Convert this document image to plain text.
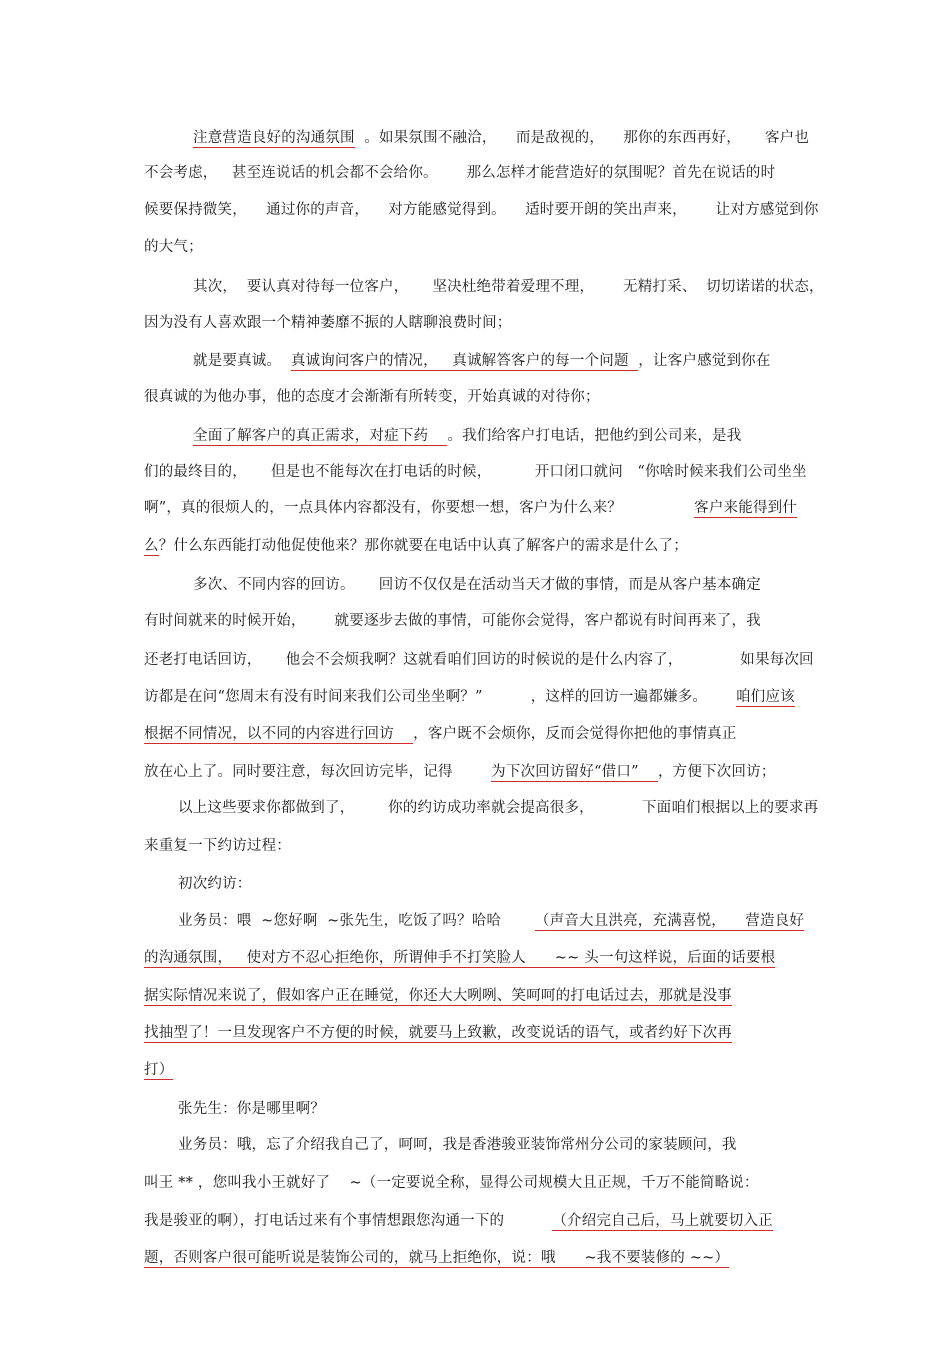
注意营造良好的沟通氛围  。如果氛围不融洽，    而是敌视的，    那你的东西再好，     客户也
不会考虑，   甚至连说话的机会都不会给你。      那么怎样才能营造好的氛围呢？首先在说话的时
候要保持微笑，    通过你的声音，    对方能感觉得到。    适时要开朗的笑出声来，      让对方感觉到你
的大气；
其次，  要认真对待每一位客户，     坚决杜绝带着爱理不理，      无精打采、  切切诺诺的状态，
因为没有人喜欢跟一个精神萎靡不振的人瞎聊浪费时间；
就是要真诚。  真诚询问客户的情况，   真诚解答客户的每一个问题  ，让客户感觉到你在
很真诚的为他办事，他的态度才会渐渐有所转变，开始真诚的对待你；
全面了解客户的真正需求，对症下药    。我们给客户打电话，把他约到公司来，是我
们的最终目的，     但是也不能每次在打电话的时候，         开口闭口就问   “你啥时候来我们公司坐坐
啊”，真的很烦人的，一点具体内容都没有，你要想一想，客户为什么来？               客户来能得到什
么？什么东西能打动他促使他来？那你就要在电话中认真了解客户的需求是什么了；
多次、不同内容的回访。     回访不仅仅是在活动当天才做的事情，而是从客户基本确定
有时间就来的时候开始，      就要逐步去做的事情，可能你会觉得，客户都说有时间再来了，我
还老打电话回访，     他会不会烦我啊？这就看咱们回访的时候说的是什么内容了，            如果每次回
访都是在问“您周末有没有时间来我们公司坐坐啊？”          ，这样的回访一遍都嫌多。      咱们应该
根据不同情况，以不同的内容进行回访    ，客户既不会烦你，反而会觉得你把他的事情真正
放在心上了。同时要注意，每次回访完毕，记得        为下次回访留好“借口”    ，方便下次回访；
以上这些要求你都做到了，       你的约访成功率就会提高很多，          下面咱们根据以上的要求再
来重复一下约访过程：
初次约访：
业务员：喂  ~您好啊  ~张先生，吃饭了吗？哈哈       （声音大且洪亮，充满喜悦，    营造良好
的沟通氛围，   使对方不忍心拒绝你，所谓伸手不打笑脸人      ~~ 头一句这样说，后面的话要根
据实际情况来说了，假如客户正在睡觉，你还大大咧咧、笑呵呵的打电话过去，那就是没事
找抽型了！一旦发现客户不方便的时候，就要马上致歉，改变说话的语气，或者约好下次再
打）
张先生：你是哪里啊？
业务员：哦，忘了介绍我自己了，呵呵，我是香港骏亚装饰常州分公司的家装顾问，我
叫王 ** ，您叫我小王就好了    ~（一定要说全称，显得公司规模大且正规，千万不能简略说：
我是骏亚的啊），打电话过来有个事情想跟您沟通一下的          （介绍完自己后，马上就要切入正
题，否则客户很可能听说是装饰公司的，就马上拒绝你，说：哦      ~我不要装修的 ~~）
